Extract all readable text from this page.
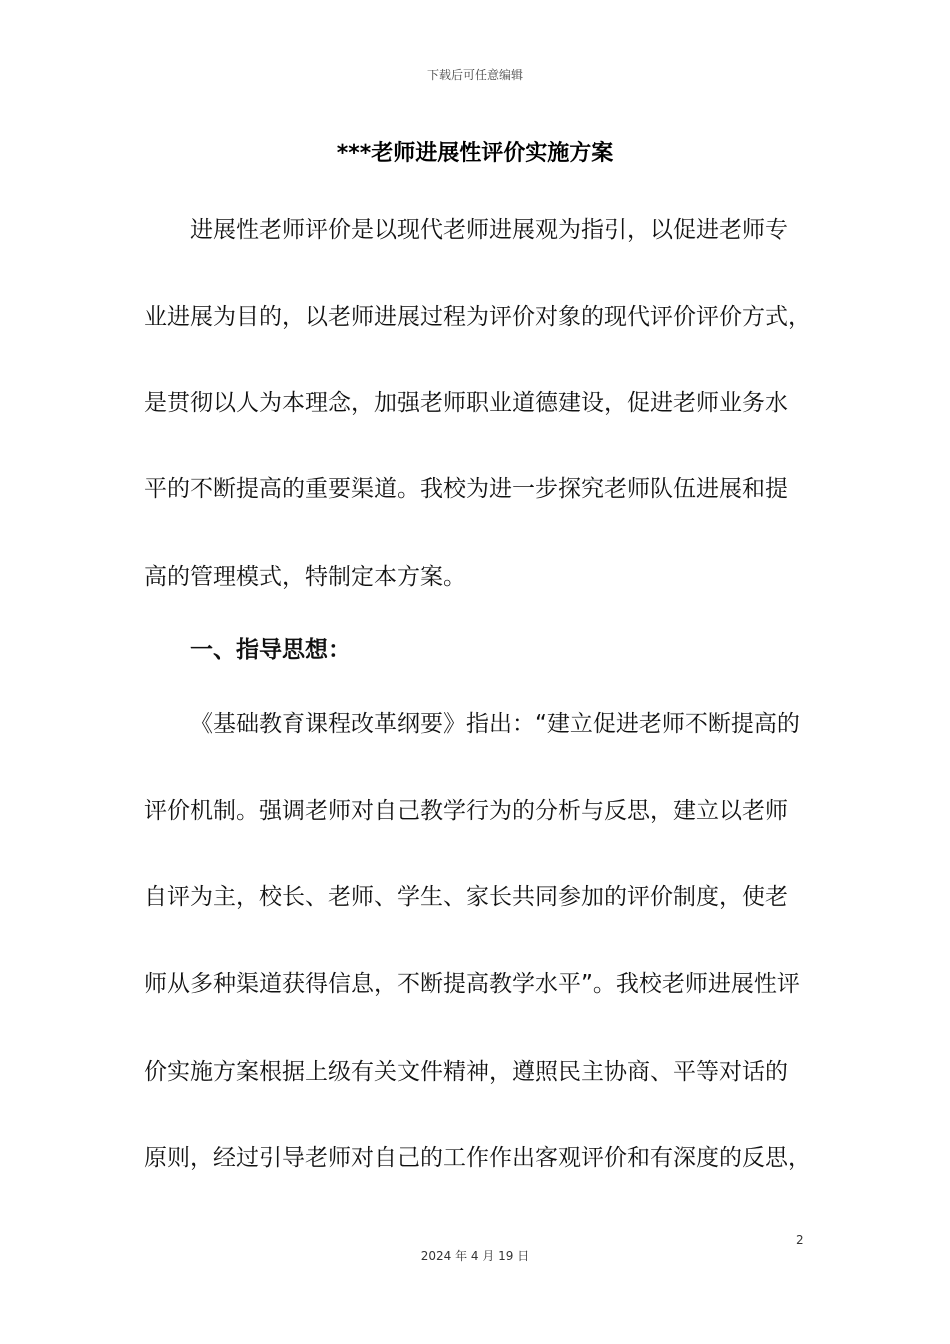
下载后可任意编辑
***老师进展性评价实施方案
进展性老师评价是以现代老师进展观为指引，以促进老师专
业进展为目的，以老师进展过程为评价对象的现代评价评价方式，
是贯彻以人为本理念，加强老师职业道德建设，促进老师业务水
平的不断提高的重要渠道。我校为进一步探究老师队伍进展和提
高的管理模式，特制定本方案。
一、指导思想：
《基础教育课程改革纲要》指出：“建立促进老师不断提高的
评价机制。强调老师对自己教学行为的分析与反思，建立以老师
自评为主，校长、老师、学生、家长共同参加的评价制度，使老
师从多种渠道获得信息，不断提高教学水平”。我校老师进展性评
价实施方案根据上级有关文件精神，遵照民主协商、平等对话的
原则，经过引导老师对自己的工作作出客观评价和有深度的反思，
2
2024 年 4 月 19 日
